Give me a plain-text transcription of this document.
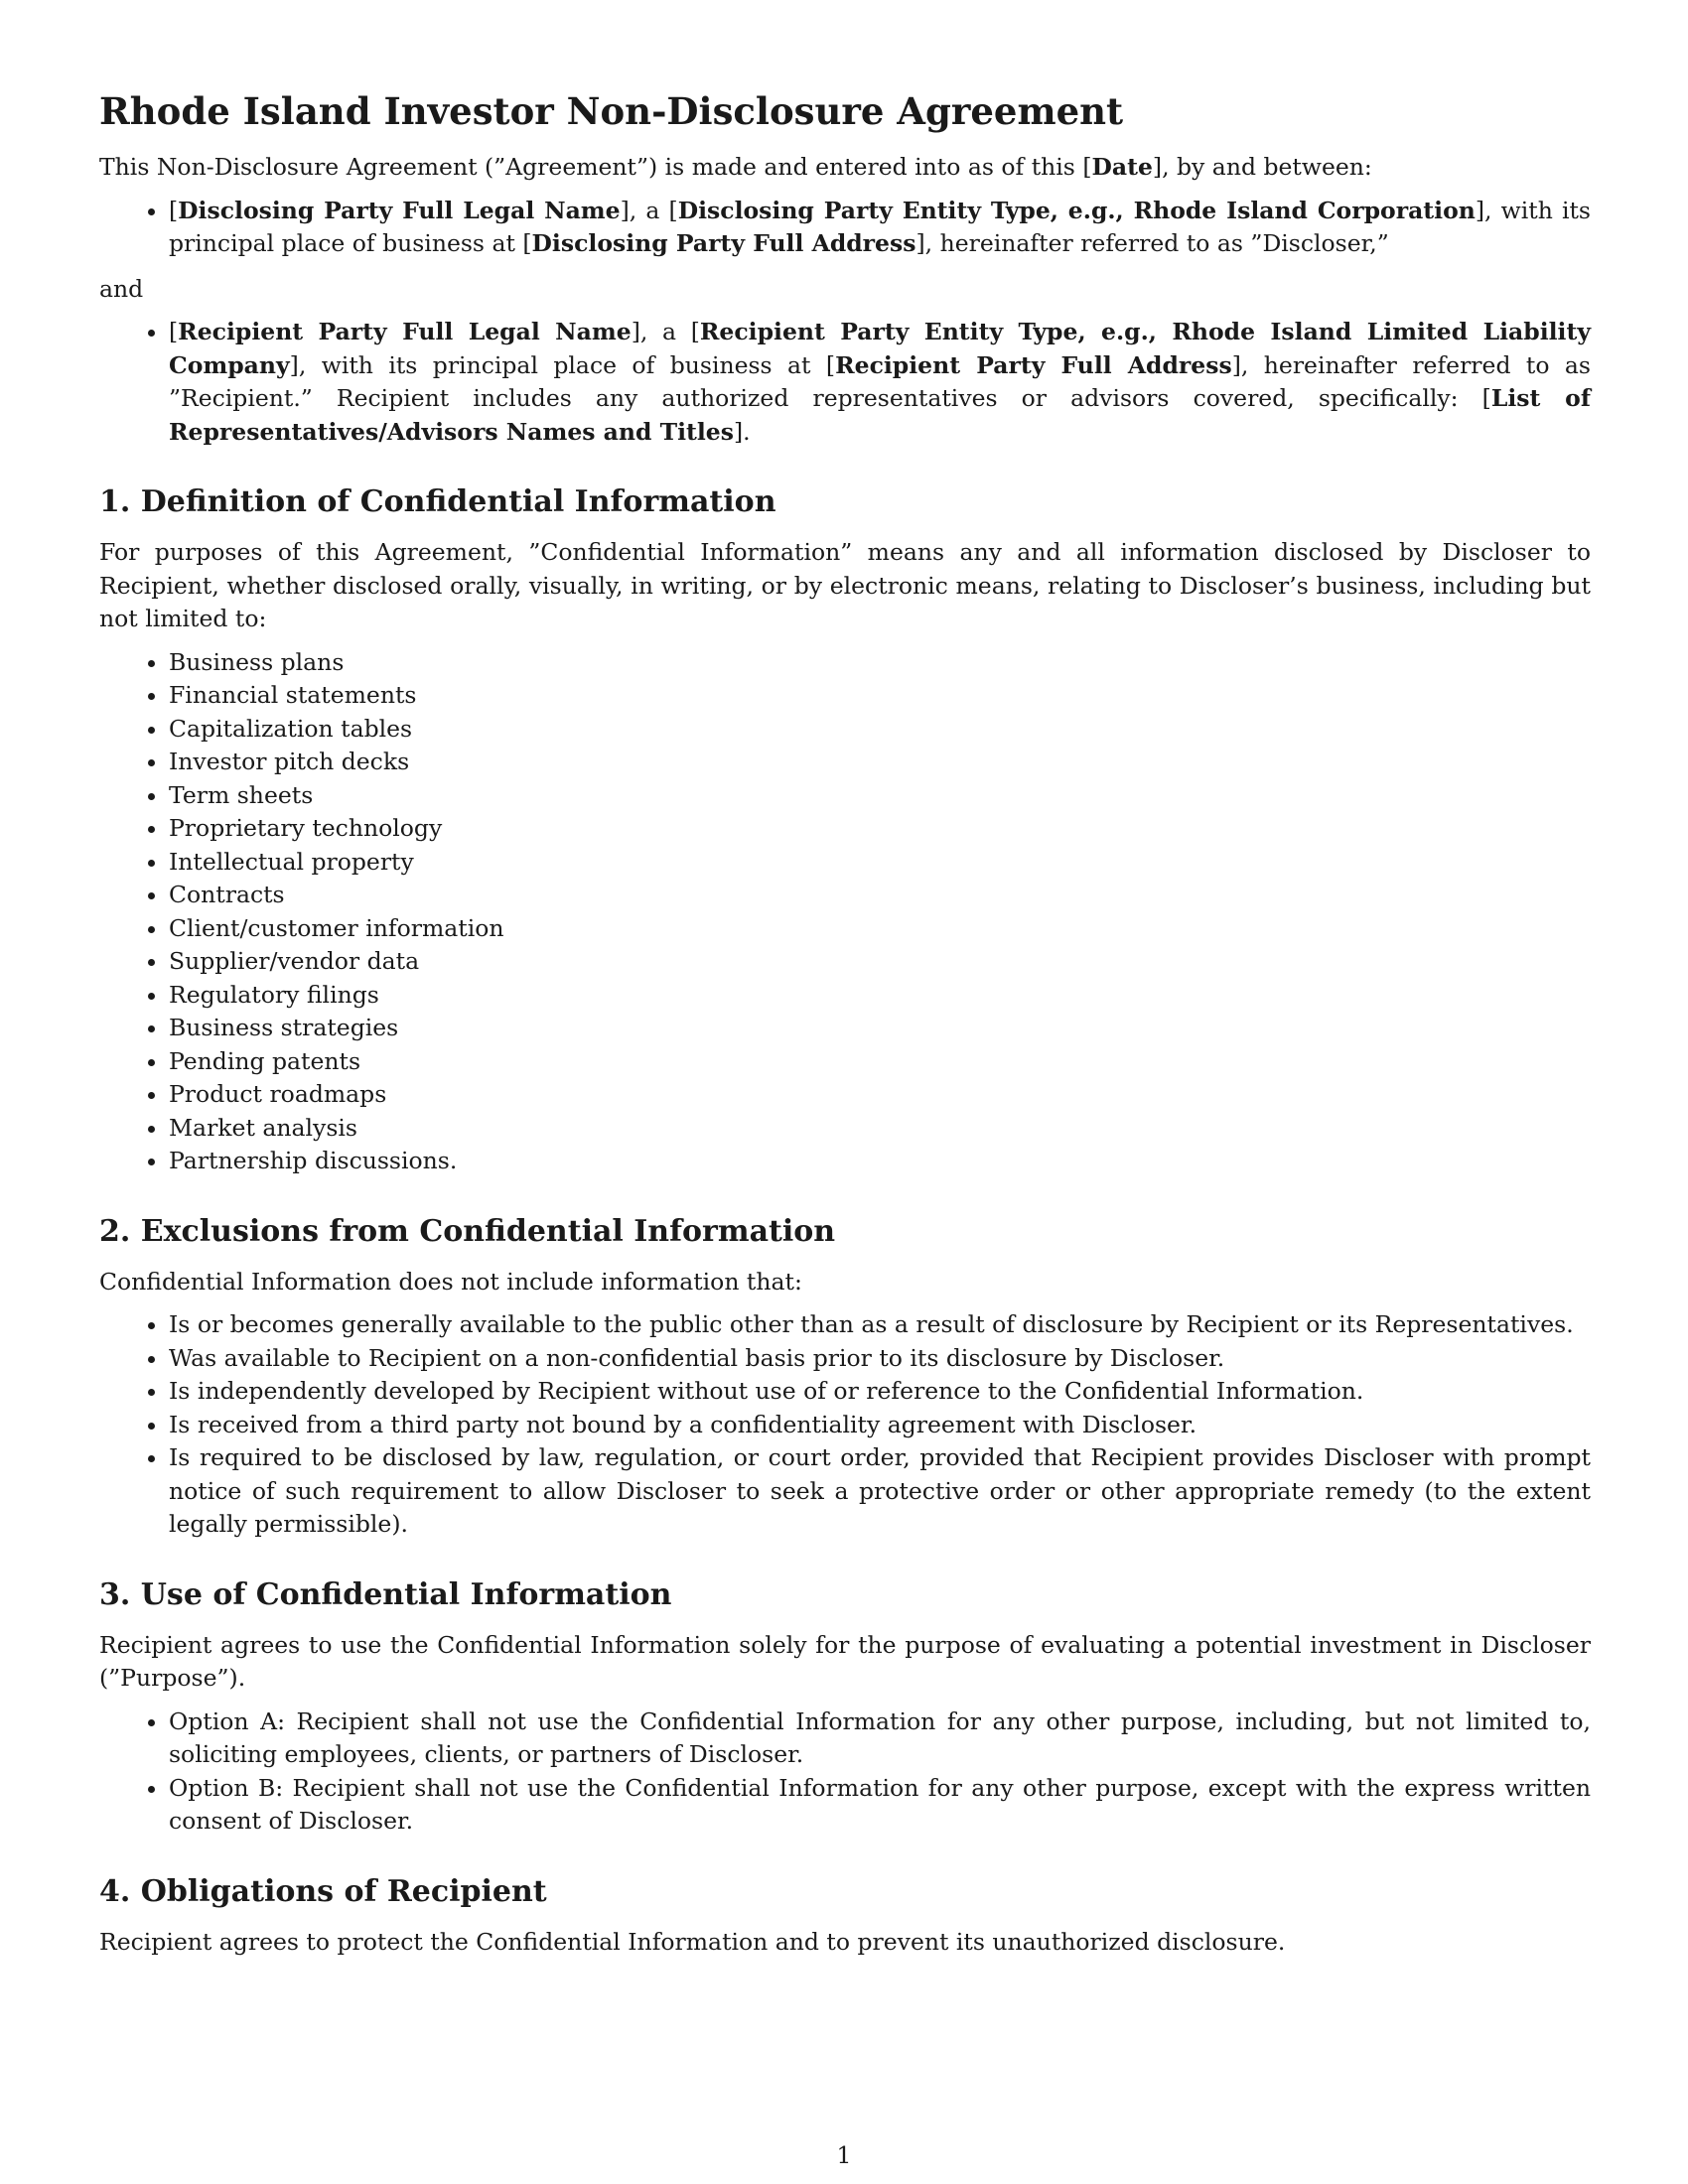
Rhode Island Investor Non-Disclosure Agreement

This Non-Disclosure Agreement (”Agreement”) is made and entered into as of this [Date], by and between:

• [Disclosing Party Full Legal Name], a [Disclosing Party Entity Type, e.g., Rhode Island Corporation], with its principal place of business at [Disclosing Party Full Address], hereinafter referred to as ”Discloser,”

and

• [Recipient Party Full Legal Name], a [Recipient Party Entity Type, e.g., Rhode Island Limited Liability Company], with its principal place of business at [Recipient Party Full Address], hereinafter referred to as ”Recipient.” Recipient includes any authorized representatives or advisors covered, specifically: [List of Representatives/Advisors Names and Titles].
1. Definition of Confidential Information

For purposes of this Agreement, ”Confidential Information” means any and all information disclosed by Discloser to Recipient, whether disclosed orally, visually, in writing, or by electronic means, relating to Discloser’s business, including but not limited to:

• Business plans
• Financial statements
• Capitalization tables
• Investor pitch decks
• Term sheets
• Proprietary technology
• Intellectual property
• Contracts
• Client/customer information
• Supplier/vendor data
• Regulatory filings
• Business strategies
• Pending patents
• Product roadmaps
• Market analysis
• Partnership discussions.
2. Exclusions from Confidential Information

Confidential Information does not include information that:

• Is or becomes generally available to the public other than as a result of disclosure by Recipient or its Representatives.
• Was available to Recipient on a non-confidential basis prior to its disclosure by Discloser.
• Is independently developed by Recipient without use of or reference to the Confidential Information.
• Is received from a third party not bound by a confidentiality agreement with Discloser.
• Is required to be disclosed by law, regulation, or court order, provided that Recipient provides Discloser with prompt notice of such requirement to allow Discloser to seek a protective order or other appropriate remedy (to the extent legally permissible).
3. Use of Confidential Information

Recipient agrees to use the Confidential Information solely for the purpose of evaluating a potential investment in Discloser (”Purpose”).

• Option A: Recipient shall not use the Confidential Information for any other purpose, including, but not limited to, soliciting employees, clients, or partners of Discloser.
• Option B: Recipient shall not use the Confidential Information for any other purpose, except with the express written consent of Discloser.
4. Obligations of Recipient

Recipient agrees to protect the Confidential Information and to prevent its unauthorized disclosure.

1
